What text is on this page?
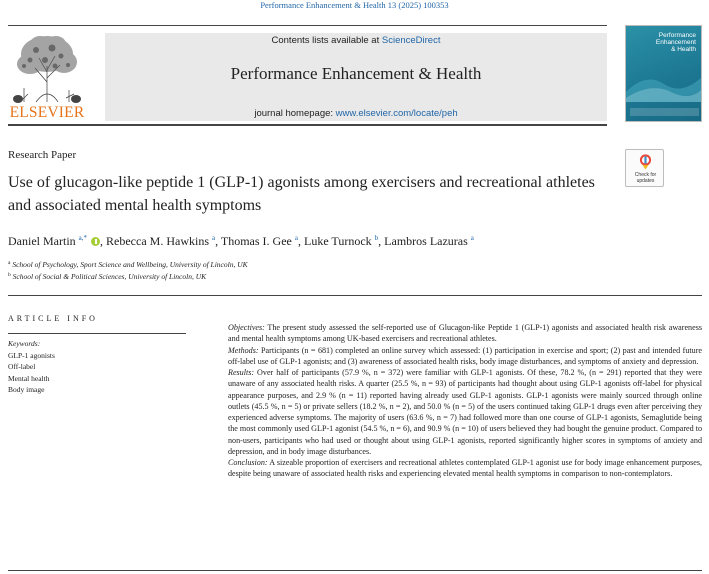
Performance Enhancement & Health 13 (2025) 100353
ELSEVIER
Contents lists available at ScienceDirect
Performance Enhancement & Health
journal homepage: www.elsevier.com/locate/peh
Performance
Enhancement
& Health
Research Paper
Use of glucagon-like peptide 1 (GLP-1) agonists among exercisers and recreational athletes and associated mental health symptoms
Check for
updates
Daniel Martin $^{a,*}$ , Rebecca M. Hawkins $^a$, Thomas I. Gee $^a$, Luke Turnock $^b$, Lambros Lazuras $^a$
$^a$ School of Psychology, Sport Science and Wellbeing, University of Lincoln, UK
$^b$ School of Social & Political Sciences, University of Lincoln, UK
ARTICLE INFO
Keywords:
GLP-1 agonists
Off-label
Mental health
Body image

Objectives: The present study assessed the self-reported use of Glucagon-like Peptide 1 (GLP-1) agonists and associated health risk awareness and mental health symptoms among UK-based exercisers and recreational athletes.

Methods: Participants (n = 681) completed an online survey which assessed: (1) participation in exercise and sport; (2) past and intended future off-label use of GLP-1 agonists; and (3) awareness of associated health risks, body image disturbances, and symptoms of anxiety and depression.

Results: Over half of participants (57.9 %, n = 372) were familiar with GLP-1 agonists. Of these, 78.2 %, (n = 291) reported that they were unaware of any associated health risks. A quarter (25.5 %, n = 93) of participants had thought about using GLP-1 agonists off-label for physical appearance purposes, and 2.9 % (n = 11) reported having already used GLP-1 agonists. GLP-1 agonists were mainly sourced through online outlets (45.5 %, n = 5) or private sellers (18.2 %, n = 2), and 50.0 % (n = 5) of the users continued taking GLP-1 drugs even after perceiving they experienced adverse symptoms. The majority of users (63.6 %, n = 7) had followed more than one course of GLP-1 agonists, Semaglutide being the most commonly used GLP-1 agonist (54.5 %, n = 6), and 90.9 % (n = 10) of users believed they had bought the genuine product. Compared to non-users, participants who had used or thought about using GLP-1 agonists, reported significantly higher scores in symptoms of anxiety and depression, and in body image disturbances.

Conclusion: A sizeable proportion of exercisers and recreational athletes contemplated GLP-1 agonist use for body image enhancement purposes, despite being unaware of associated health risks and experiencing elevated mental health symptoms in comparison to non-contemplators.
